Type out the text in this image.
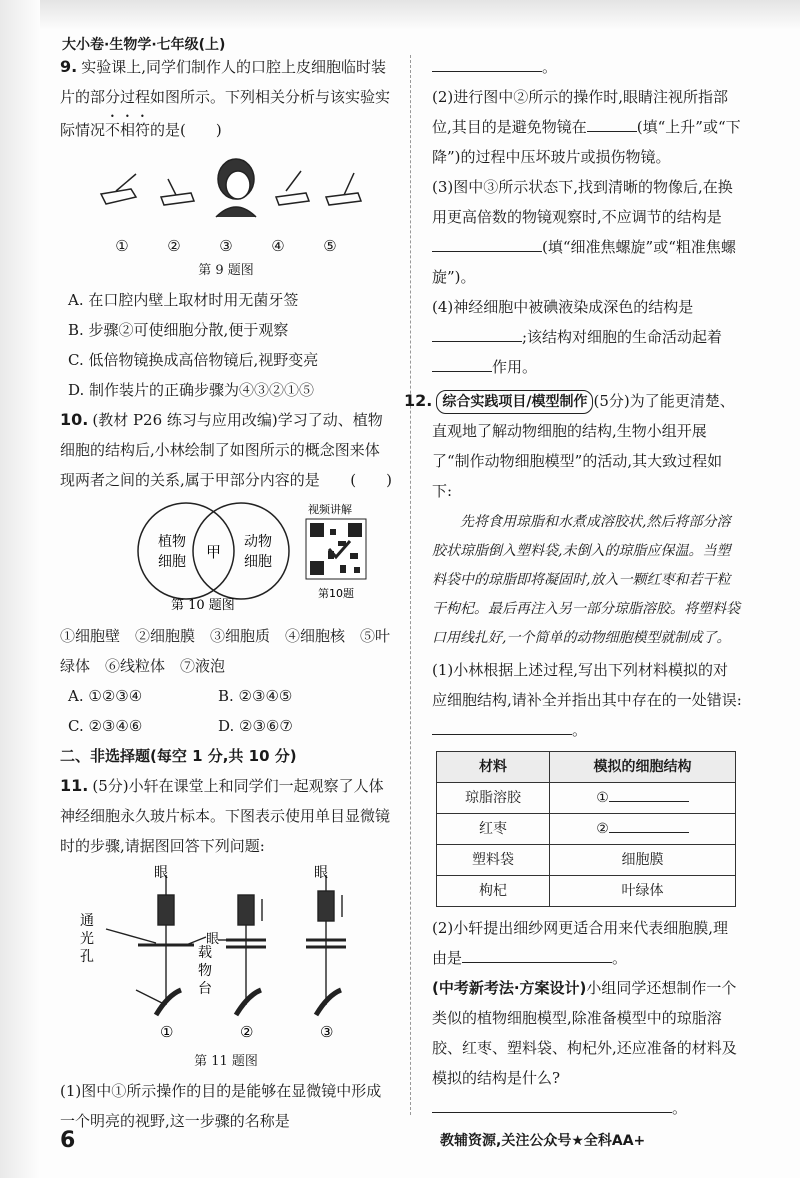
大小卷·生物学·七年级(上)

9. 实验课上,同学们制作人的口腔上皮细胞临时装片的部分过程如图所示。下列相关分析与该实验实际情况不相符的是(　　)

①	②	③	④	⑤
第 9 题图

A. 在口腔内壁上取材时用无菌牙签

B. 步骤②可使细胞分散,便于观察

C. 低倍物镜换成高倍物镜后,视野变亮

D. 制作装片的正确步骤为④③②①⑤

10. (教材 P26 练习与应用改编)学习了动、植物细胞的结构后,小林绘制了如图所示的概念图来体现两者之间的关系,属于甲部分内容的是 (　　)

植物
细胞
甲
动物
细胞
视频讲解
第10题
第 10 题图

①细胞壁　②细胞膜　③细胞质　④细胞核　⑤叶绿体　⑥线粒体　⑦液泡

A. ①②③④	B. ②③④⑤

C. ②③④⑥	D. ②③⑥⑦

二、非选择题(每空 1 分,共 10 分)

11. (5分)小轩在课堂上和同学们一起观察了人体神经细胞永久玻片标本。下图表示使用单目显微镜时的步骤,请据图回答下列问题:

眼
眼
眼
通
光
孔	载
物
台
①	②	③
第 11 题图

(1)图中①所示操作的目的是能够在显微镜中形成一个明亮的视野,这一步骤的名称是

。

(2)进行图中②所示的操作时,眼睛注视所指部位,其目的是避免物镜在	(填“上升”或“下降”)的过程中压坏玻片或损伤物镜。

(3)图中③所示状态下,找到清晰的物像后,在换用更高倍数的物镜观察时,不应调节的结构是(填“细准焦螺旋”或“粗准焦螺旋”)。

(4)神经细胞中被碘液染成深色的结构是;该结构对细胞的生命活动起着作用。

12. 综合实践项目/模型制作 (5分)为了能更清楚、直观地了解动物细胞的结构,生物小组开展了“制作动物细胞模型”的活动,其大致过程如下:

先将食用琼脂和水煮成溶胶状,然后将部分溶胶状琼脂倒入塑料袋,未倒入的琼脂应保温。当塑料袋中的琼脂即将凝固时,放入一颗红枣和若干粒干枸杞。最后再注入另一部分琼脂溶胶。将塑料袋口用线扎好,一个简单的动物细胞模型就制成了。

(1)小林根据上述过程,写出下列材料模拟的对应细胞结构,请补全并指出其中存在的一处错误:。

材料	模拟的细胞结构
琼脂溶胶	①
红枣	②
塑料袋	细胞膜
枸杞	叶绿体

(2)小轩提出细纱网更适合用来代表细胞膜,理由是	。

(中考新考法·方案设计)小组同学还想制作一个类似的植物细胞模型,除准备模型中的琼脂溶胶、红枣、塑料袋、枸杞外,还应准备的材料及模拟的结构是什么?。

6	教辅资源,关注公众号★全科AA+
